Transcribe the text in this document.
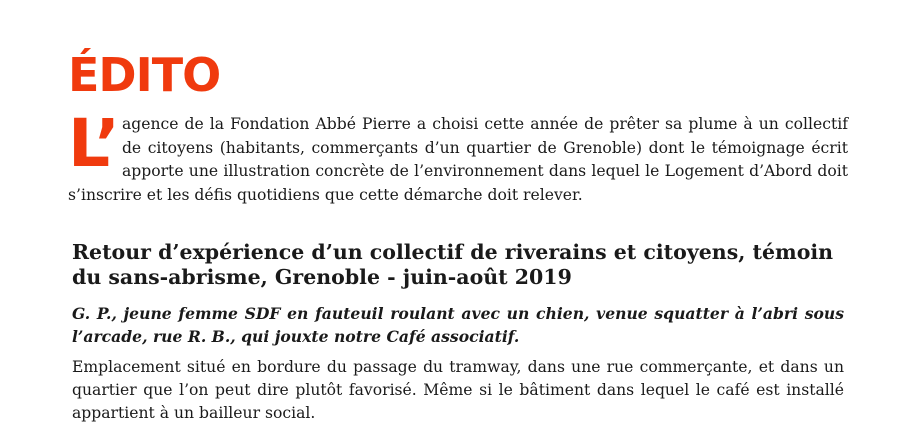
ÉDITO
L’ agence de la Fondation Abbé Pierre a choisi cette année de prêter sa plume à un collectif de citoyens (habitants, commerçants d’un quartier de Grenoble) dont le témoignage écrit apporte une illustration concrète de l’environnement dans lequel le Logement d’Abord doit s’inscrire et les défis quotidiens que cette démarche doit relever.

Retour d’expérience d’un collectif de riverains et citoyens, témoin du sans-abrisme, Grenoble - juin-août 2019

G. P., jeune femme SDF en fauteuil roulant avec un chien, venue squatter à l’abri sous l’arcade, rue R. B., qui jouxte notre Café associatif.

Emplacement situé en bordure du passage du tramway, dans une rue commerçante, et dans un quartier que l’on peut dire plutôt favorisé. Même si le bâtiment dans lequel le café est installé appartient à un bailleur social.
